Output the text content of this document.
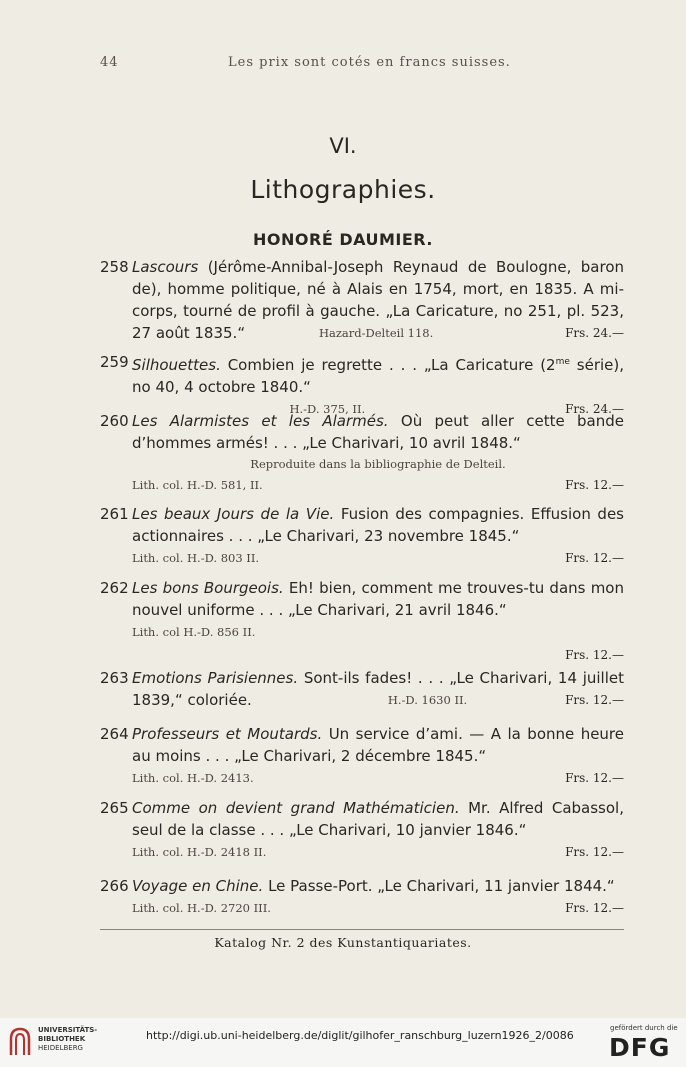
44	Les prix sont cotés en francs suisses.
VI.
Lithographies.
HONORÉ DAUMIER.
258 Lascours (Jérôme-Annibal-Joseph Reynaud de Boulogne, baron de), homme politique, né à Alais en 1754, mort, en 1835. A mi-corps, tourné de profil à gauche. „La Caricature, no 251, pl. 523, 27 août 1835.“	Hazard-Delteil 118.	Frs. 24.—
259 Silhouettes. Combien je regrette . . . „La Caricature ($2^{me}$ série), no 40, 4 octobre 1840.“
H.-D. 375, II.	Frs. 24.—
260 Les Alarmistes et les Alarmés. Où peut aller cette bande d’hommes armés! . . . „Le Charivari, 10 avril 1848.“
Reproduite dans la bibliographie de Delteil.
Lith. col. H.-D. 581, II.	Frs. 12.—
261 Les beaux Jours de la Vie. Fusion des compagnies. Effusion des actionnaires . . . „Le Charivari, 23 novembre 1845.“
Lith. col. H.-D. 803 II.	Frs. 12.—
262 Les bons Bourgeois. Eh! bien, comment me trouves-tu dans mon nouvel uniforme . . . „Le Charivari, 21 avril 1846.“
Lith. col H.-D. 856 II.
Frs. 12.—
263 Emotions Parisiennes. Sont-ils fades! . . . „Le Charivari, 14 juillet 1839,“ coloriée.	H.-D. 1630 II.	Frs. 12.—
264 Professeurs et Moutards. Un service d’ami. — A la bonne heure au moins . . . „Le Charivari, 2 décembre 1845.“
Lith. col. H.-D. 2413.	Frs. 12.—
265 Comme on devient grand Mathématicien. Mr. Alfred Cabassol, seul de la classe . . . „Le Charivari, 10 janvier 1846.“
Lith. col. H.-D. 2418 II.	Frs. 12.—
266 Voyage en Chine. Le Passe-Port. „Le Charivari, 11 janvier 1844.“
Lith. col. H.-D. 2720 III.	Frs. 12.—
Katalog Nr. 2 des Kunstantiquariates.
UNIVERSITÄTS-
BIBLIOTHEK
HEIDELBERG
http://digi.ub.uni-heidelberg.de/diglit/gilhofer_ranschburg_luzern1926_2/0086
gefördert durch die
DFG
